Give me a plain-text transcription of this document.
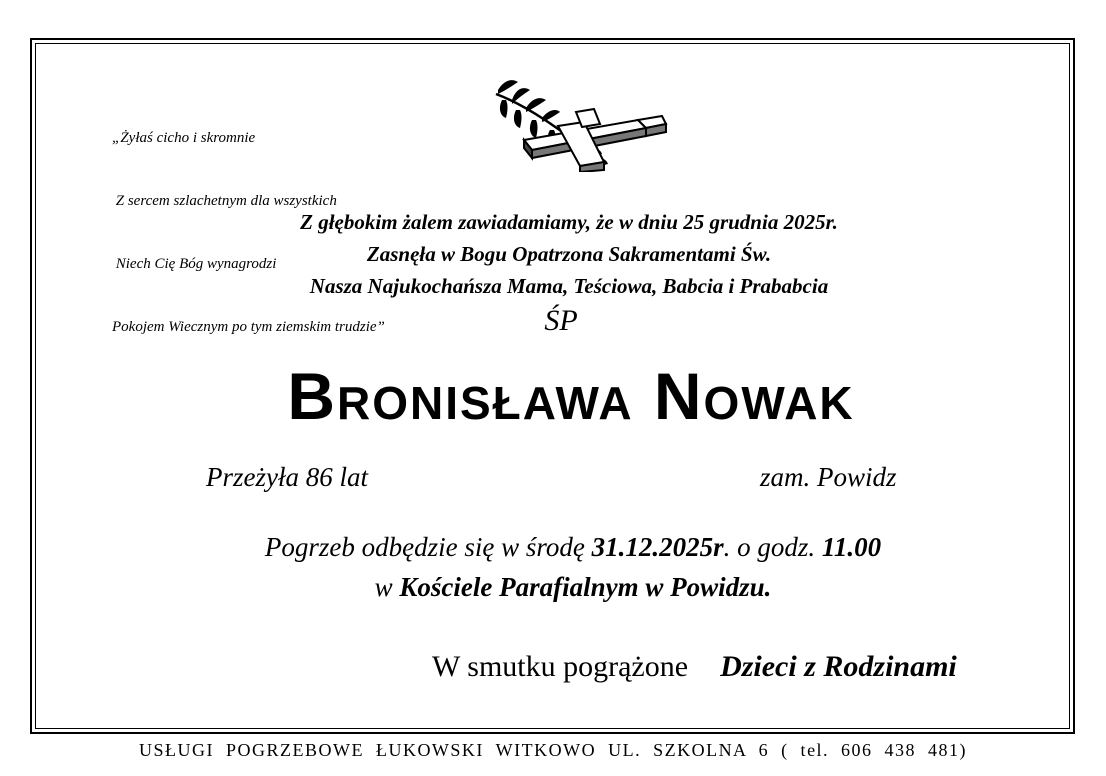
„Żyłaś cicho i skromnie

Z sercem szlachetnym dla wszystkich

Niech Cię Bóg wynagrodzi

Pokojem Wiecznym po tym ziemskim trudzie”

Z głębokim żalem zawiadamiamy, że w dniu 25 grudnia 2025r.
Zasnęła w Bogu Opatrzona Sakramentami Św.
Nasza Najukochańsza Mama, Teściowa, Babcia i Prababcia
ŚP
Bronisława Nowak
Przeżyła 86 lat	zam. Powidz
Pogrzeb odbędzie się w środę 31.12.2025r. o godz. 11.00
w Kościele Parafialnym w Powidzu.
W smutku pogrążone Dzieci z Rodzinami
USŁUGI POGRZEBOWE ŁUKOWSKI WITKOWO UL. SZKOLNA 6 ( tel. 606 438 481)
